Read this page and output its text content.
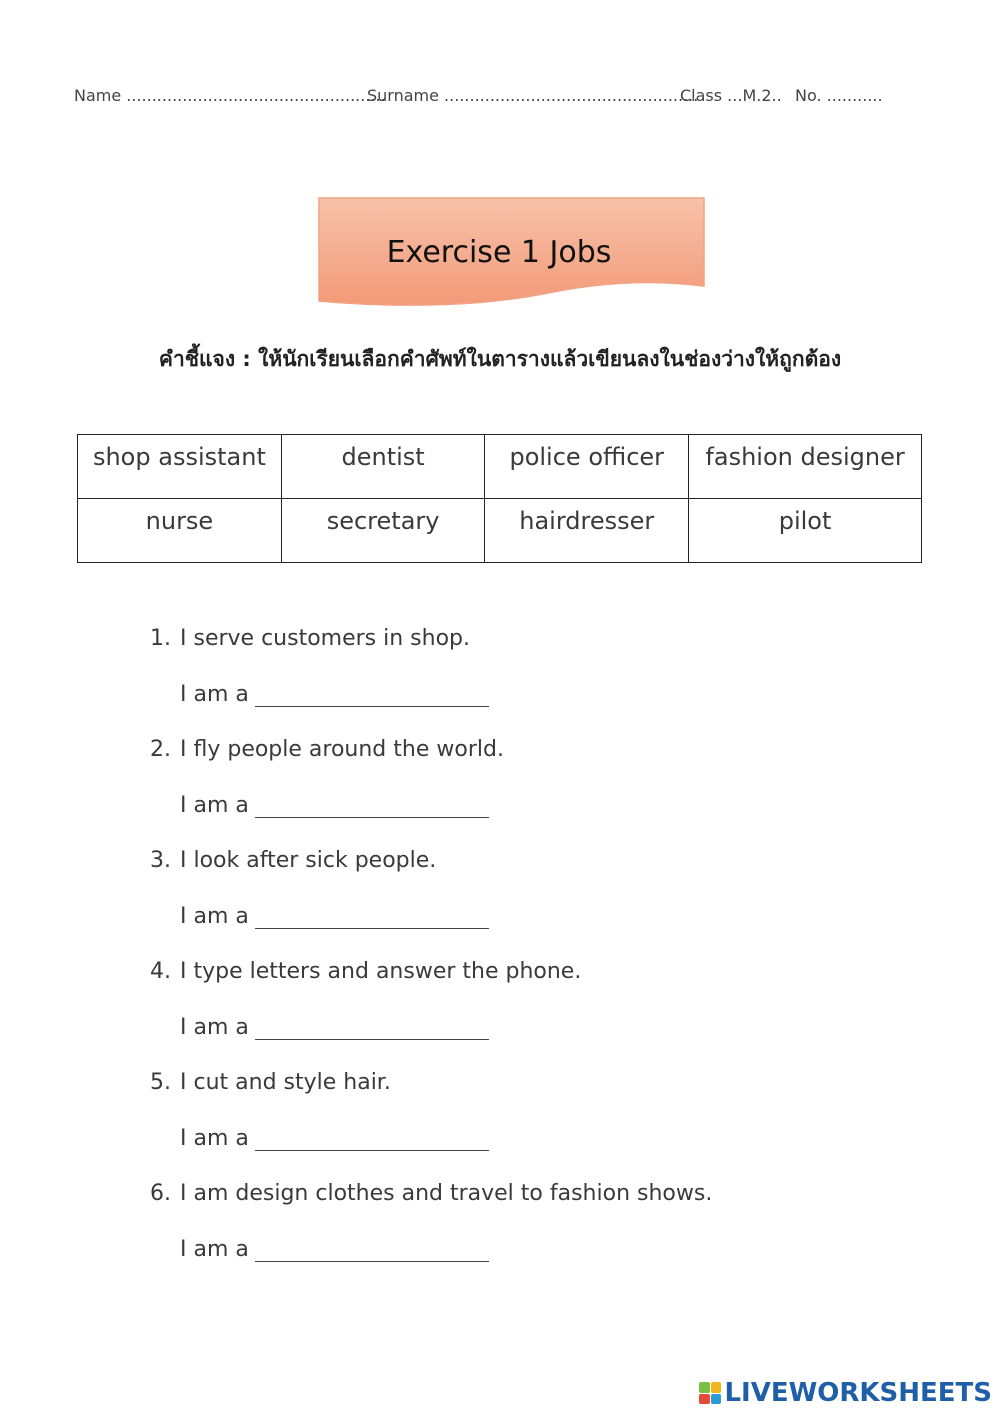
Name ...................................................
Surname ..................................................
Class ...M.2.. No. ...........
Exercise 1 Jobs
คำชี้แจง : ให้นักเรียนเลือกคำศัพท์ในตารางแล้วเขียนลงในช่องว่างให้ถูกต้อง
shop assistant	dentist	police officer	fashion designer
nurse	secretary	hairdresser	pilot
1. I serve customers in shop.
I am a
2. I fly people around the world.
I am a
3. I look after sick people.
I am a
4. I type letters and answer the phone.
I am a
5. I cut and style hair.
I am a
6. I am design clothes and travel to fashion shows.
I am a
LIVEWORKSHEETS
